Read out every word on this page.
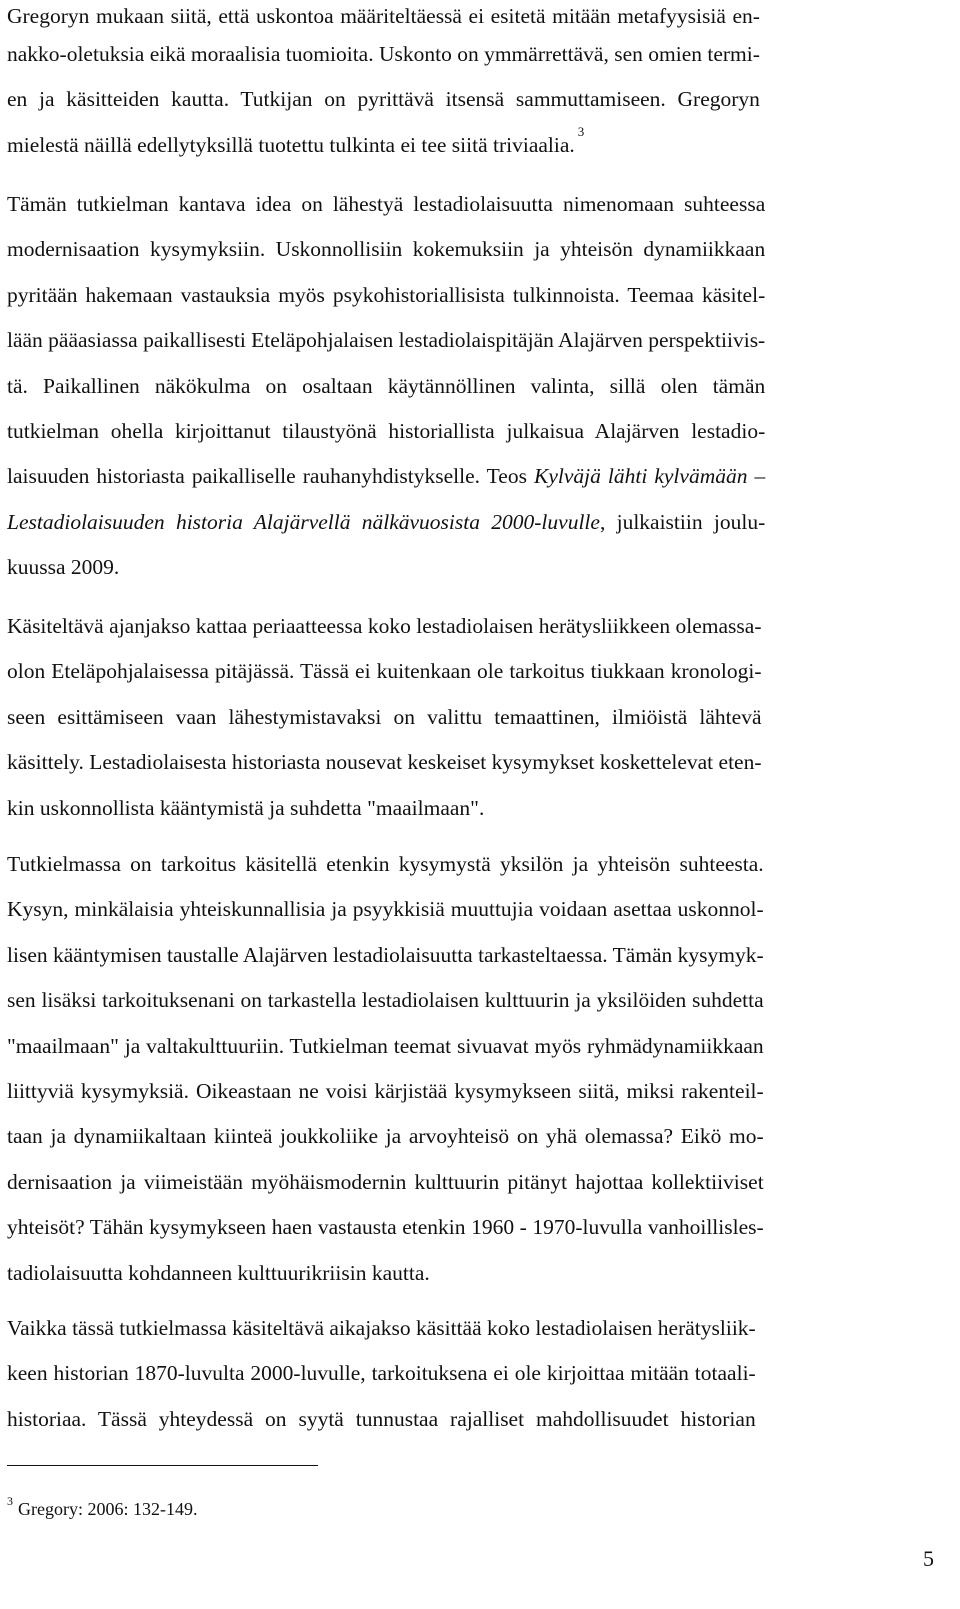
Gregoryn mukaan siitä, että uskontoa määriteltäessä ei esitetä mitään metafyysisiä en-
nakko-oletuksia eikä moraalisia tuomioita. Uskonto on ymmärrettävä, sen omien termi-
en ja käsitteiden kautta. Tutkijan on pyrittävä itsensä sammuttamiseen. Gregoryn
mielestä näillä edellytyksillä tuotettu tulkinta ei tee siitä triviaalia.$^3$

Tämän tutkielman kantava idea on lähestyä lestadiolaisuutta nimenomaan suhteessa
modernisaation kysymyksiin. Uskonnollisiin kokemuksiin ja yhteisön dynamiikkaan
pyritään hakemaan vastauksia myös psykohistoriallisista tulkinnoista. Teemaa käsitel-
lään pääasiassa paikallisesti Eteläpohjalaisen lestadiolaispitäjän Alajärven perspektiivis-
tä. Paikallinen näkökulma on osaltaan käytännöllinen valinta, sillä olen tämän
tutkielman ohella kirjoittanut tilaustyönä historiallista julkaisua Alajärven lestadio-
laisuuden historiasta paikalliselle rauhanyhdistykselle. Teos Kylväjä lähti kylvämään –
Lestadiolaisuuden historia Alajärvellä nälkävuosista 2000-luvulle, julkaistiin joulu-
kuussa 2009.

Käsiteltävä ajanjakso kattaa periaatteessa koko lestadiolaisen herätysliikkeen olemassa-
olon Eteläpohjalaisessa pitäjässä. Tässä ei kuitenkaan ole tarkoitus tiukkaan kronologi-
seen esittämiseen vaan lähestymistavaksi on valittu temaattinen, ilmiöistä lähtevä
käsittely. Lestadiolaisesta historiasta nousevat keskeiset kysymykset koskettelevat eten-
kin uskonnollista kääntymistä ja suhdetta "maailmaan".

Tutkielmassa on tarkoitus käsitellä etenkin kysymystä yksilön ja yhteisön suhteesta.
Kysyn, minkälaisia yhteiskunnallisia ja psyykkisiä muuttujia voidaan asettaa uskonnol-
lisen kääntymisen taustalle Alajärven lestadiolaisuutta tarkasteltaessa. Tämän kysymyk-
sen lisäksi tarkoituksenani on tarkastella lestadiolaisen kulttuurin ja yksilöiden suhdetta
"maailmaan" ja valtakulttuuriin. Tutkielman teemat sivuavat myös ryhmädynamiikkaan
liittyviä kysymyksiä. Oikeastaan ne voisi kärjistää kysymykseen siitä, miksi rakenteil-
taan ja dynamiikaltaan kiinteä joukkoliike ja arvoyhteisö on yhä olemassa? Eikö mo-
dernisaation ja viimeistään myöhäismodernin kulttuurin pitänyt hajottaa kollektiiviset
yhteisöt? Tähän kysymykseen haen vastausta etenkin 1960 - 1970-luvulla vanhoillisles-
tadiolaisuutta kohdanneen kulttuurikriisin kautta.

Vaikka tässä tutkielmassa käsiteltävä aikajakso käsittää koko lestadiolaisen herätysliik-
keen historian 1870-luvulta 2000-luvulle, tarkoituksena ei ole kirjoittaa mitään totaali-
historiaa. Tässä yhteydessä on syytä tunnustaa rajalliset mahdollisuudet historian

$^3$ Gregory: 2006: 132-149.
5
